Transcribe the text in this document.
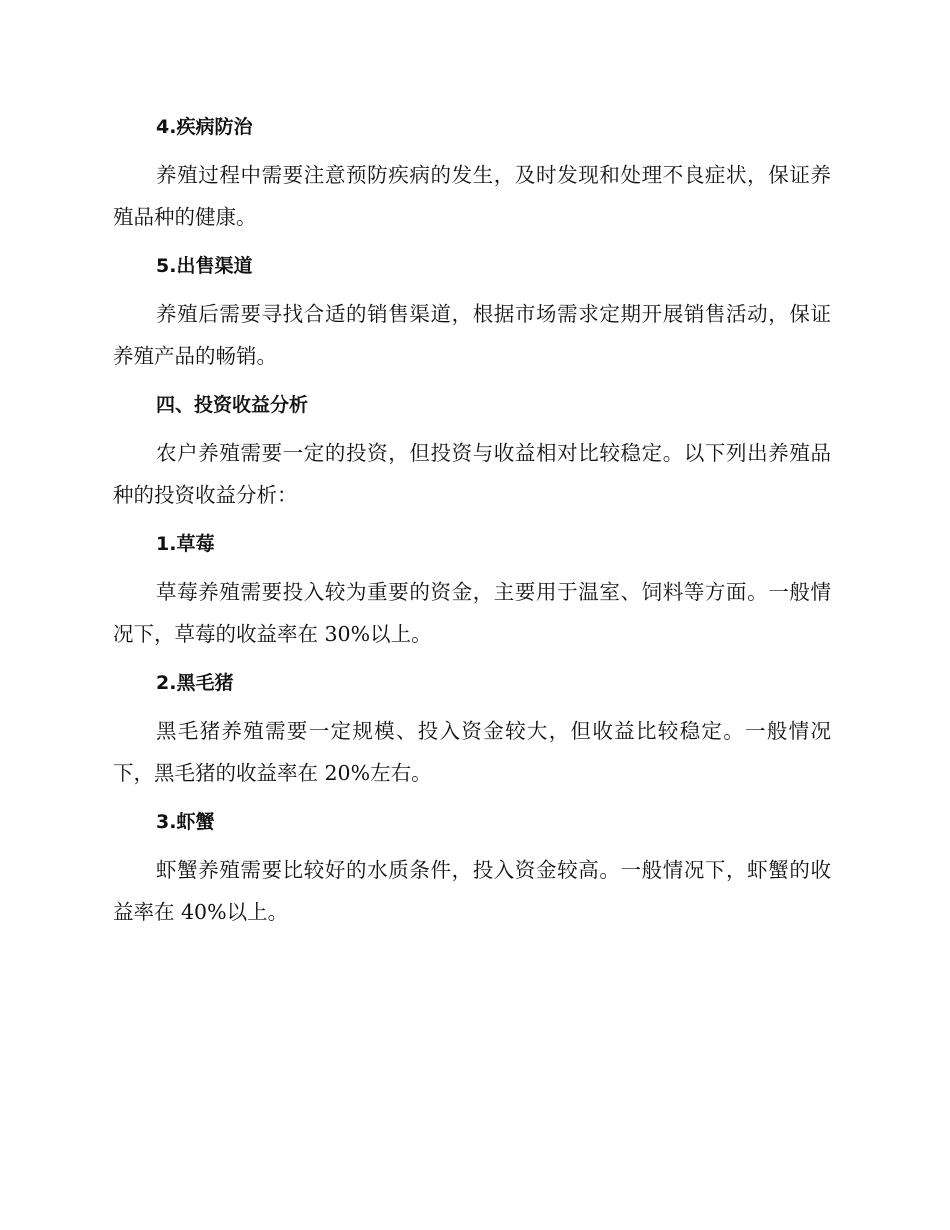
4.疾病防治

养殖过程中需要注意预防疾病的发生，及时发现和处理不良症状，保证养殖品种的健康。

5.出售渠道

养殖后需要寻找合适的销售渠道，根据市场需求定期开展销售活动，保证养殖产品的畅销。

四、投资收益分析

农户养殖需要一定的投资，但投资与收益相对比较稳定。以下列出养殖品种的投资收益分析：

1.草莓

草莓养殖需要投入较为重要的资金，主要用于温室、饲料等方面。一般情况下，草莓的收益率在 30%以上。

2.黑毛猪

黑毛猪养殖需要一定规模、投入资金较大，但收益比较稳定。一般情况下，黑毛猪的收益率在 20%左右。

3.虾蟹

虾蟹养殖需要比较好的水质条件，投入资金较高。一般情况下，虾蟹的收益率在 40%以上。
